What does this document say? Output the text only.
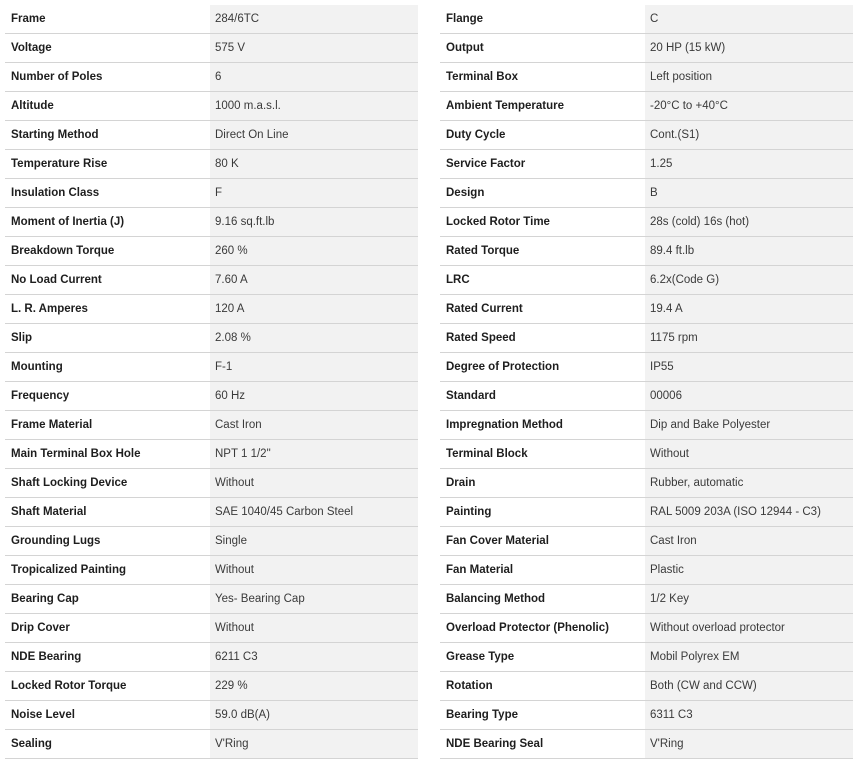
Frame	284/6TC
Voltage	575 V
Number of Poles	6
Altitude	1000 m.a.s.l.
Starting Method	Direct On Line
Temperature Rise	80 K
Insulation Class	F
Moment of Inertia (J)	9.16 sq.ft.lb
Breakdown Torque	260 %
No Load Current	7.60 A
L. R. Amperes	120 A
Slip	2.08 %
Mounting	F-1
Frequency	60 Hz
Frame Material	Cast Iron
Main Terminal Box Hole	NPT 1 1/2"
Shaft Locking Device	Without
Shaft Material	SAE 1040/45 Carbon Steel
Grounding Lugs	Single
Tropicalized Painting	Without
Bearing Cap	Yes- Bearing Cap
Drip Cover	Without
NDE Bearing	6211 C3
Locked Rotor Torque	229 %
Noise Level	59.0 dB(A)
Sealing	V'Ring
Flange	C
Output	20 HP (15 kW)
Terminal Box	Left position
Ambient Temperature	-20°C to +40°C
Duty Cycle	Cont.(S1)
Service Factor	1.25
Design	B
Locked Rotor Time	28s (cold) 16s (hot)
Rated Torque	89.4 ft.lb
LRC	6.2x(Code G)
Rated Current	19.4 A
Rated Speed	1175 rpm
Degree of Protection	IP55
Standard	00006
Impregnation Method	Dip and Bake Polyester
Terminal Block	Without
Drain	Rubber, automatic
Painting	RAL 5009 203A (ISO 12944 - C3)
Fan Cover Material	Cast Iron
Fan Material	Plastic
Balancing Method	1/2 Key
Overload Protector (Phenolic)	Without overload protector
Grease Type	Mobil Polyrex EM
Rotation	Both (CW and CCW)
Bearing Type	6311 C3
NDE Bearing Seal	V'Ring
